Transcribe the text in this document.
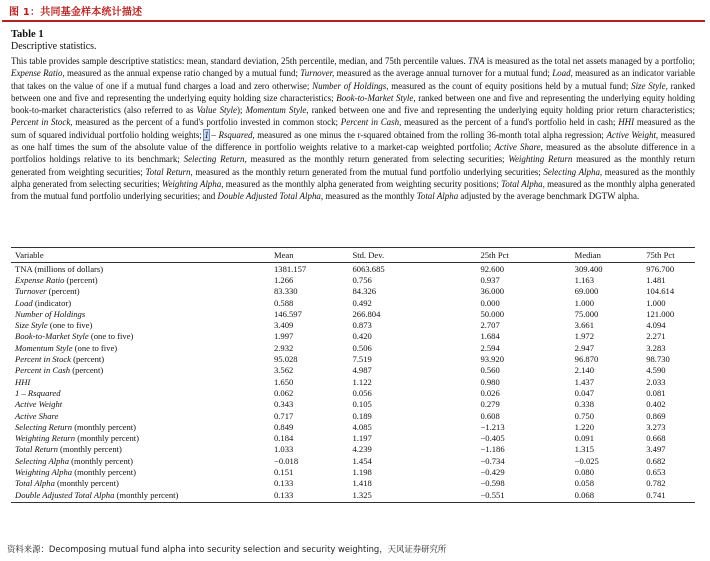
图 1：共同基金样本统计描述
Table 1
Descriptive statistics.
This table provides sample descriptive statistics: mean, standard deviation, 25th percentile, median, and 75th percentile values. TNA is measured as the total net assets managed by a portfolio; Expense Ratio, measured as the annual expense ratio changed by a mutual fund; Turnover, measured as the average annual turnover for a mutual fund; Load, measured as an indicator variable that takes on the value of one if a mutual fund charges a load and zero otherwise; Number of Holdings, measured as the count of equity positions held by a mutual fund; Size Style, ranked between one and five and representing the underlying equity holding size characteristics; Book-to-Market Style, ranked between one and five and representing the underlying equity holding book-to-market characteristics (also referred to as Value Style); Momentum Style, ranked between one and five and representing the underlying equity holding prior return characteristics; Percent in Stock, measured as the percent of a fund's portfolio invested in common stock; Percent in Cash, measured as the percent of a fund's portfolio held in cash; HHI measured as the sum of squared individual portfolio holding weights; 1 – Rsquared, measured as one minus the r-squared obtained from the rolling 36-month total alpha regression; Active Weight, measured as one half times the sum of the absolute value of the difference in portfolio weights relative to a market-cap weighted portfolio; Active Share, measured as the absolute difference in a portfolios holdings relative to its benchmark; Selecting Return, measured as the monthly return generated from selecting securities; Weighting Return measured as the monthly return generated from weighting securities; Total Return, measured as the monthly return generated from the mutual fund portfolio underlying securities; Selecting Alpha, measured as the monthly alpha generated from selecting securities; Weighting Alpha, measured as the monthly alpha generated from weighting security positions; Total Alpha, measured as the monthly alpha generated from the mutual fund portfolio underlying securities; and Double Adjusted Total Alpha, measured as the monthly Total Alpha adjusted by the average benchmark DGTW alpha.
Variable	Mean	Std. Dev.	25th Pct	Median	75th Pct
TNA (millions of dollars)	1381.157	6063.685	92.600	309.400	976.700
Expense Ratio (percent)	1.266	0.756	0.937	1.163	1.481
Turnover (percent)	83.330	84.326	36.000	69.000	104.614
Load (indicator)	0.588	0.492	0.000	1.000	1.000
Number of Holdings	146.597	266.804	50.000	75.000	121.000
Size Style (one to five)	3.409	0.873	2.707	3.661	4.094
Book-to-Market Style (one to five)	1.997	0.420	1.684	1.972	2.271
Momentum Style (one to five)	2.932	0.506	2.594	2.947	3.283
Percent in Stock (percent)	95.028	7.519	93.920	96.870	98.730
Percent in Cash (percent)	3.562	4.987	0.560	2.140	4.590
HHI	1.650	1.122	0.980	1.437	2.033
1 – Rsquared	0.062	0.056	0.026	0.047	0.081
Active Weight	0.343	0.105	0.279	0.338	0.402
Active Share	0.717	0.189	0.608	0.750	0.869
Selecting Return (monthly percent)	0.849	4.085	−1.213	1.220	3.273
Weighting Return (monthly percent)	0.184	1.197	−0.405	0.091	0.668
Total Return (monthly percent)	1.033	4.239	−1.186	1.315	3.497
Selecting Alpha (monthly percent)	−0.018	1.454	−0.734	−0.025	0.682
Weighting Alpha (monthly percent)	0.151	1.198	−0.429	0.080	0.653
Total Alpha (monthly percent)	0.133	1.418	−0.598	0.058	0.782
Double Adjusted Total Alpha (monthly percent)	0.133	1.325	−0.551	0.068	0.741
资料来源：Decomposing mutual fund alpha into security selection and security weighting，天风证券研究所
